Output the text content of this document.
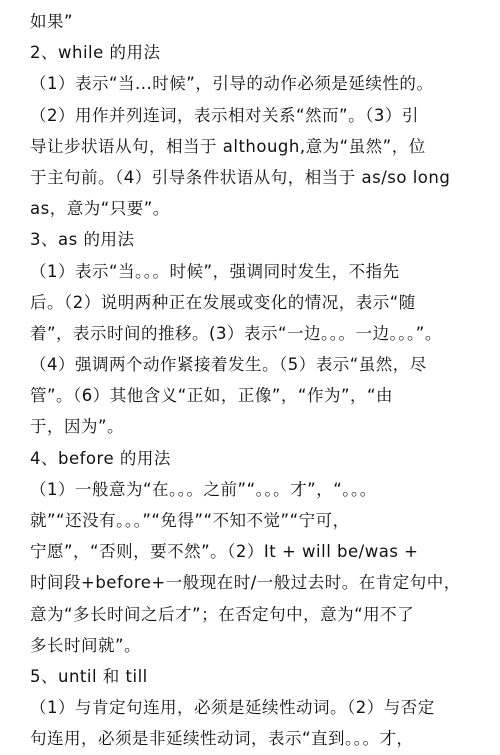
如果”
2、while 的用法
（1）表示“当...时候”，引导的动作必须是延续性的。
（2）用作并列连词，表示相对关系“然而”。（3）引
导让步状语从句，相当于 although,意为“虽然”，位
于主句前。（4）引导条件状语从句，相当于 as/so long
as，意为“只要”。
3、as 的用法
（1）表示“当。。。时候”，强调同时发生，不指先
后。（2）说明两种正在发展或变化的情况，表示“随
着”，表示时间的推移。(3）表示“一边。。。一边。。。”。
（4）强调两个动作紧接着发生。（5）表示“虽然，尽
管”。（6）其他含义“正如，正像”，“作为”，“由
于，因为”。
4、before 的用法
（1）一般意为“在。。。之前”“。。。才”，“。。。
就”“还没有。。。”“免得”“不知不觉”“宁可，
宁愿”，“否则，要不然”。（2）It + will be/was +
时间段+before+一般现在时/一般过去时。在肯定句中，
意为“多长时间之后才”；在否定句中，意为“用不了
多长时间就”。
5、until 和 till
（1）与肯定句连用，必须是延续性动词。（2）与否定
句连用，必须是非延续性动词，表示“直到。。。才，
